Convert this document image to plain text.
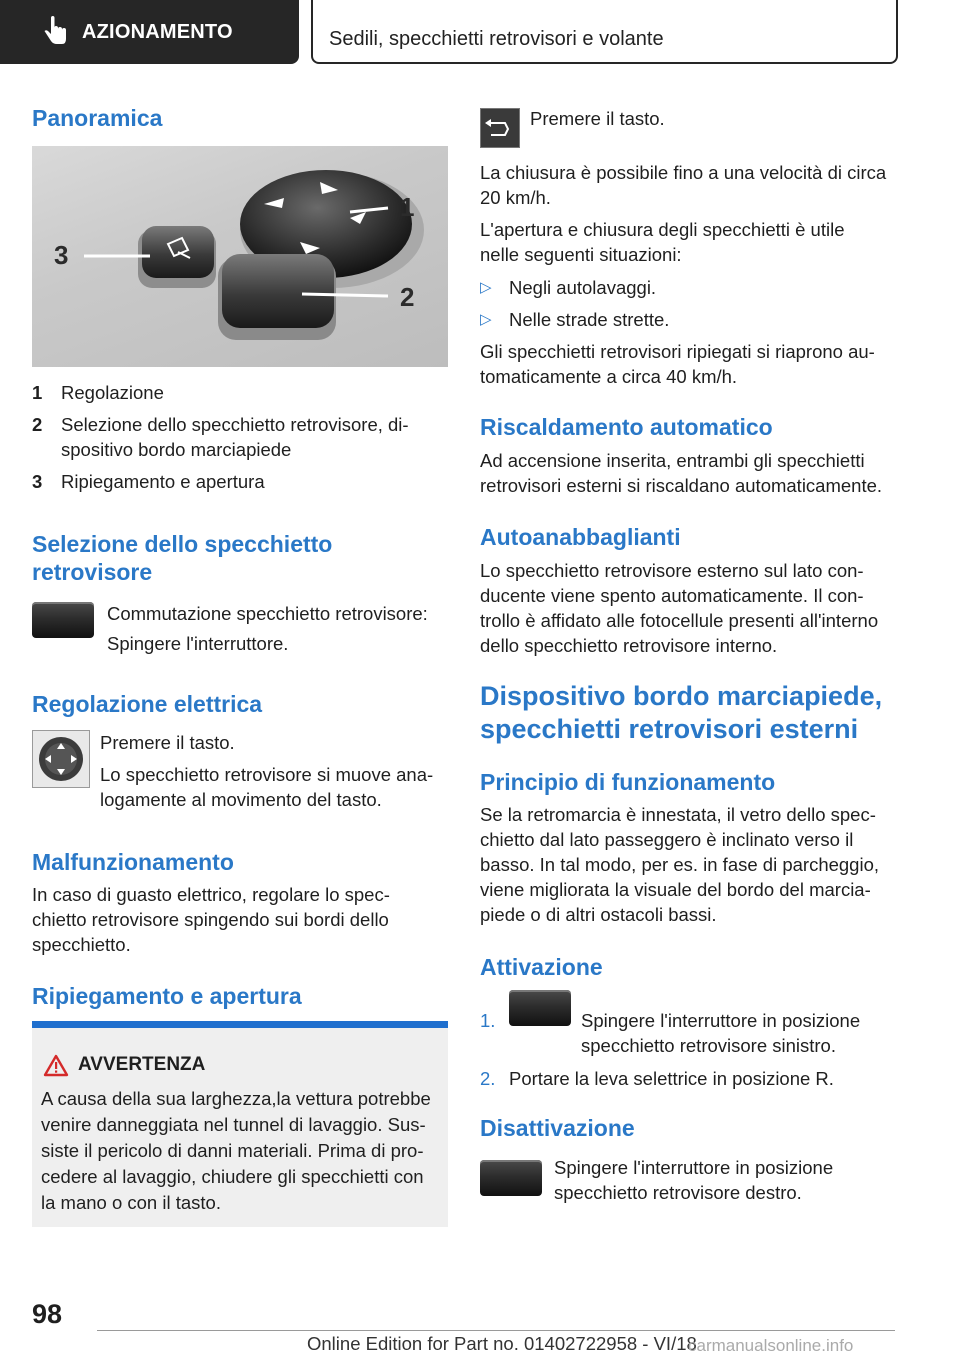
AZIONAMENTO	Sedili, specchietti retrovisori e volante
Panoramica
3
1
2
1 Regolazione
2 Selezione dello specchietto retrovisore, di-spositivo bordo marciapiede
3 Ripiegamento e apertura
Selezione dello specchietto retrovisore
Commutazione specchietto retrovisore:
Spingere l'interruttore.
Regolazione elettrica
Premere il tasto.
Lo specchietto retrovisore si muove ana-logamente al movimento del tasto.
Malfunzionamento
In caso di guasto elettrico, regolare lo spec-chietto retrovisore spingendo sui bordi dello specchietto.
Ripiegamento e apertura
AVVERTENZA
A causa della sua larghezza,la vettura potrebbe venire danneggiata nel tunnel di lavaggio. Sus-siste il pericolo di danni materiali. Prima di pro-cedere al lavaggio, chiudere gli specchietti con la mano o con il tasto.
Premere il tasto.
La chiusura è possibile fino a una velocità di circa 20 km/h.
L'apertura e chiusura degli specchietti è utile nelle seguenti situazioni:
▷ Negli autolavaggi.
▷ Nelle strade strette.
Gli specchietti retrovisori ripiegati si riaprono au-tomaticamente a circa 40 km/h.
Riscaldamento automatico
Ad accensione inserita, entrambi gli specchietti retrovisori esterni si riscaldano automaticamente.
Autoanabbaglianti
Lo specchietto retrovisore esterno sul lato con-ducente viene spento automaticamente. Il con-trollo è affidato alle fotocellule presenti all'interno dello specchietto retrovisore interno.
Dispositivo bordo marciapiede, specchietti retrovisori esterni
Principio di funzionamento
Se la retromarcia è innestata, il vetro dello spec-chietto dal lato passeggero è inclinato verso il basso. In tal modo, per es. in fase di parcheggio, viene migliorata la visuale del bordo del marcia-piede o di altri ostacoli bassi.
Attivazione
1.	Spingere l'interruttore in posizione specchietto retrovisore sinistro.
2. Portare la leva selettrice in posizione R.
Disattivazione
Spingere l'interruttore in posizione specchietto retrovisore destro.
98
Online Edition for Part no. 01402722958 - VI/18
carmanualsonline.info
